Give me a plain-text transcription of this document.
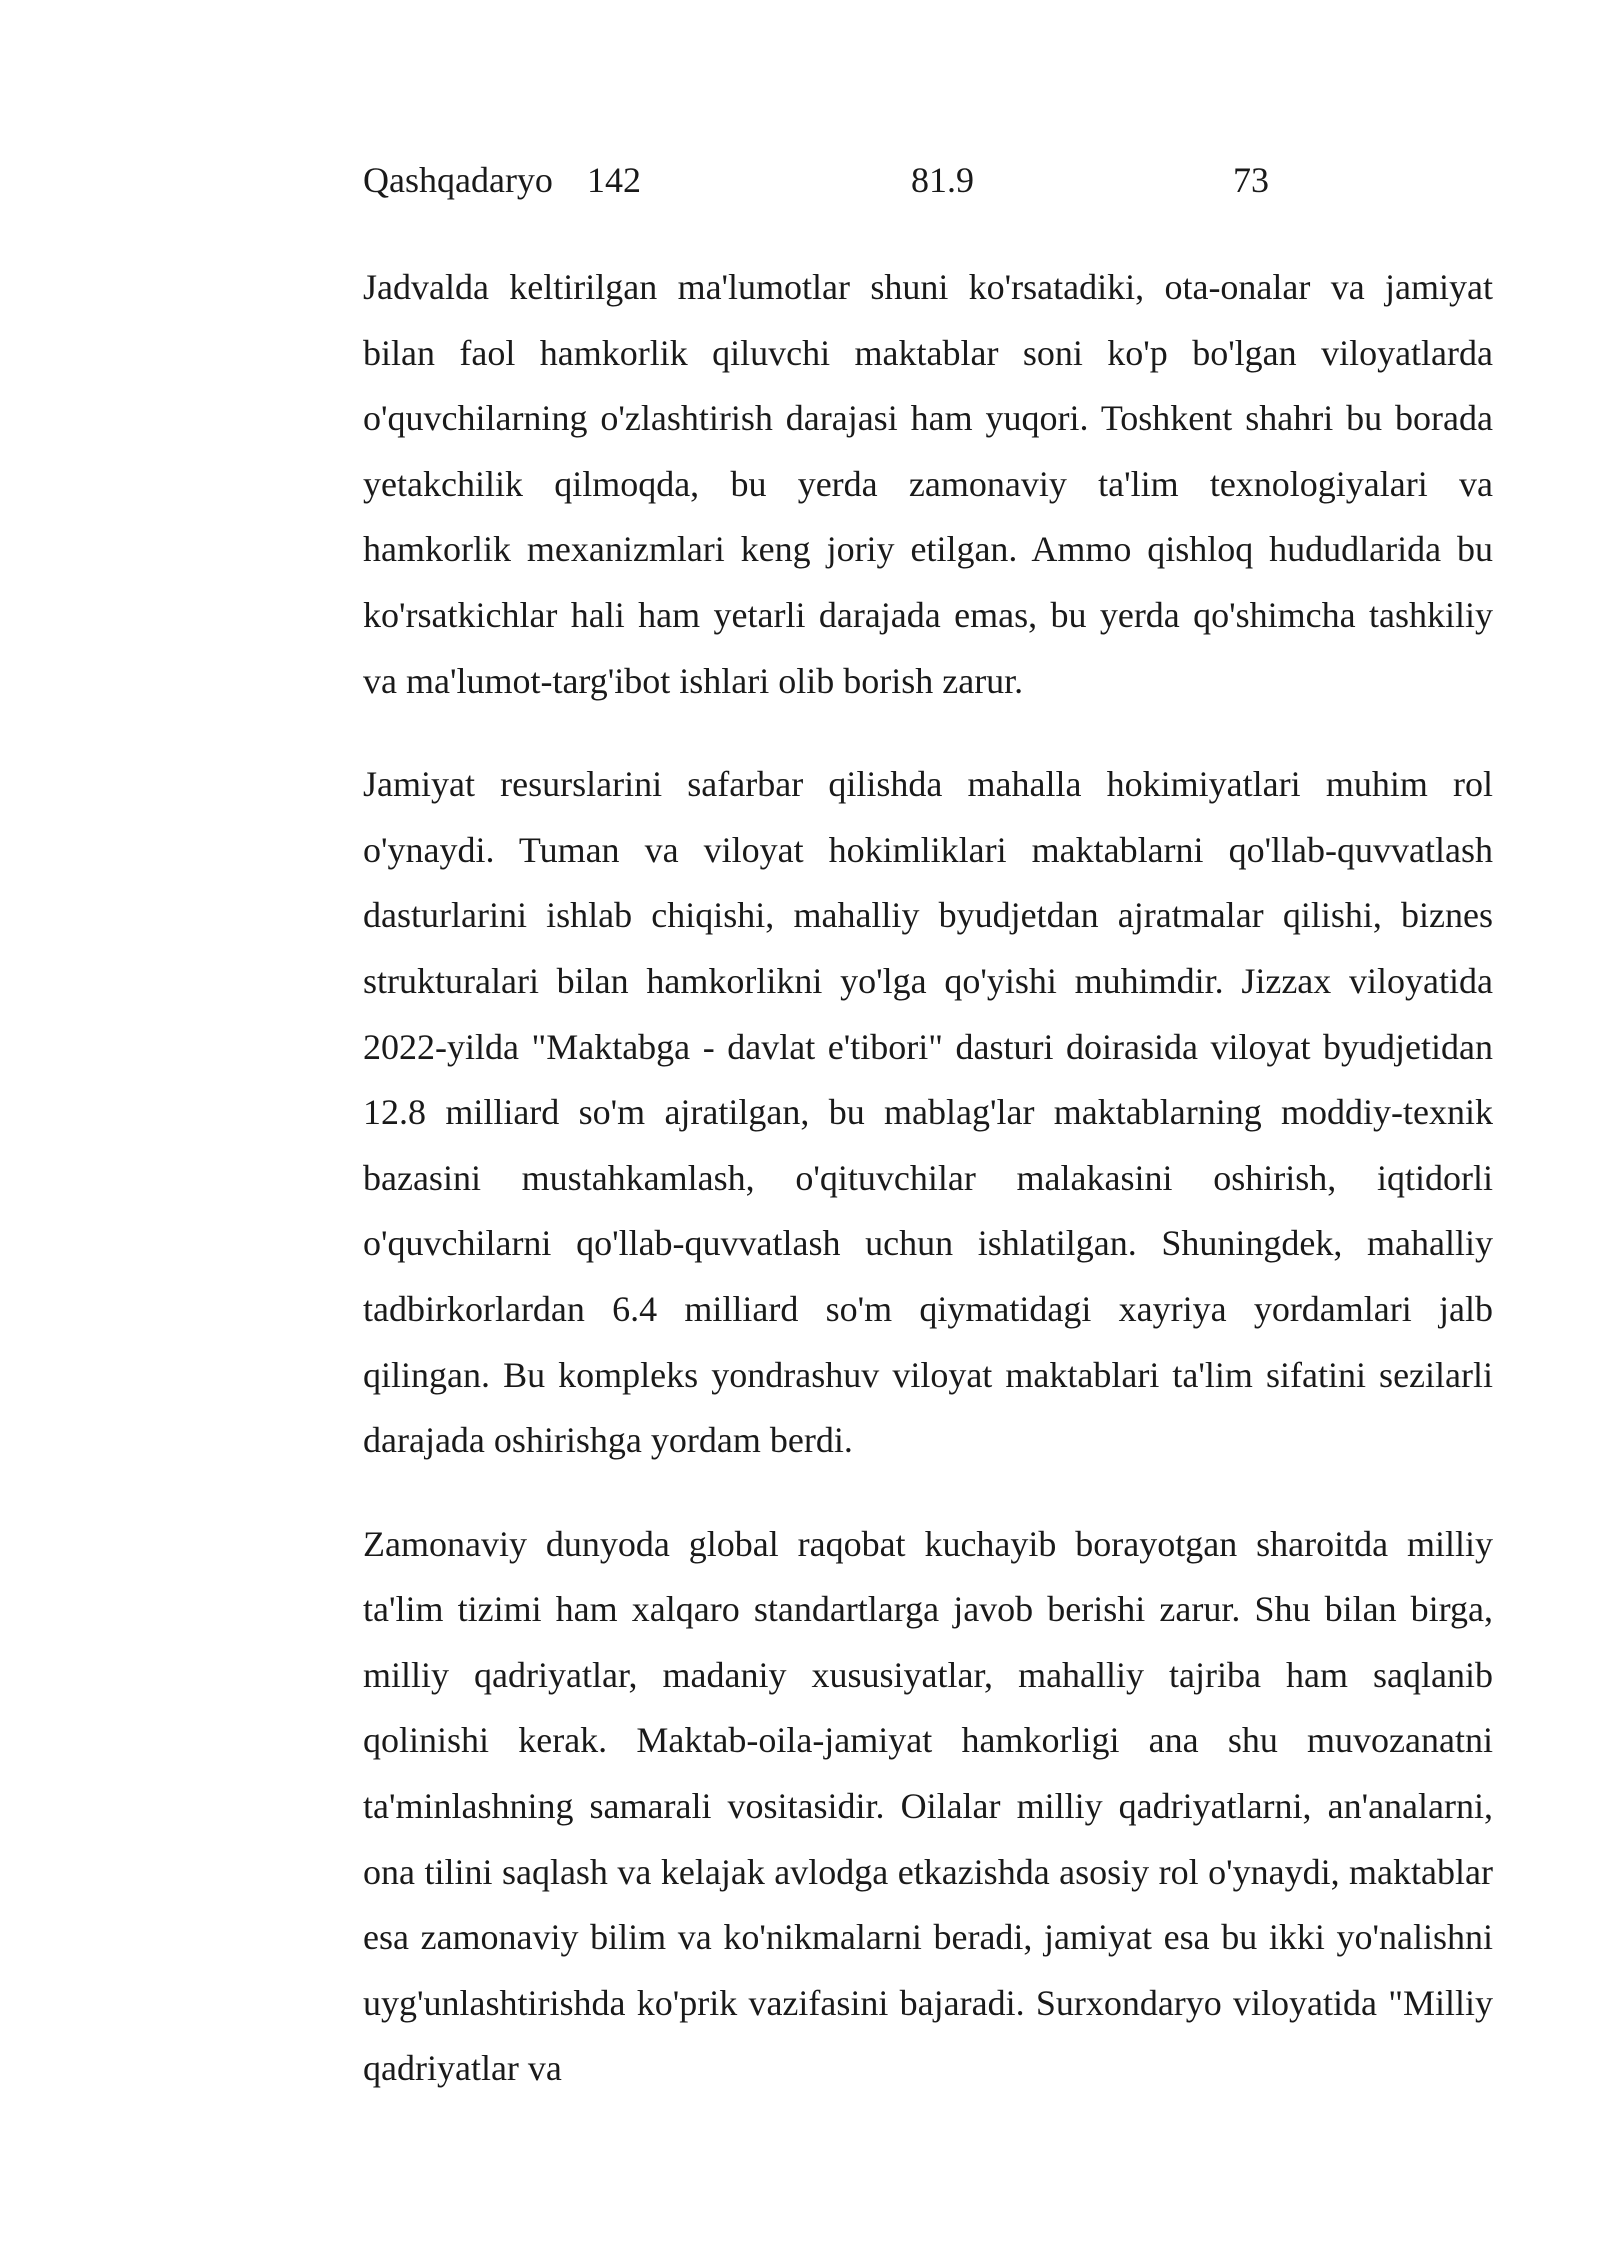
Qashqadaryo 142	81.9	73

Jadvalda keltirilgan ma'lumotlar shuni ko'rsatadiki, ota-onalar va jamiyat bilan faol hamkorlik qiluvchi maktablar soni ko'p bo'lgan viloyatlarda o'quvchilarning o'zlashtirish darajasi ham yuqori. Toshkent shahri bu borada yetakchilik qilmoqda, bu yerda zamonaviy ta'lim texnologiyalari va hamkorlik mexanizmlari keng joriy etilgan. Ammo qishloq hududlarida bu ko'rsatkichlar hali ham yetarli darajada emas, bu yerda qo'shimcha tashkiliy va ma'lumot-targ'ibot ishlari olib borish zarur.

Jamiyat resurslarini safarbar qilishda mahalla hokimiyatlari muhim rol o'ynaydi. Tuman va viloyat hokimliklari maktablarni qo'llab-quvvatlash dasturlarini ishlab chiqishi, mahalliy byudjetdan ajratmalar qilishi, biznes strukturalari bilan hamkorlikni yo'lga qo'yishi muhimdir. Jizzax viloyatida 2022-yilda "Maktabga - davlat e'tibori" dasturi doirasida viloyat byudjetidan 12.8 milliard so'm ajratilgan, bu mablag'lar maktablarning moddiy-texnik bazasini mustahkamlash, o'qituvchilar malakasini oshirish, iqtidorli o'quvchilarni qo'llab-quvvatlash uchun ishlatilgan. Shuningdek, mahalliy tadbirkorlardan 6.4 milliard so'm qiymatidagi xayriya yordamlari jalb qilingan. Bu kompleks yondrashuv viloyat maktablari ta'lim sifatini sezilarli darajada oshirishga yordam berdi.

Zamonaviy dunyoda global raqobat kuchayib borayotgan sharoitda milliy ta'lim tizimi ham xalqaro standartlarga javob berishi zarur. Shu bilan birga, milliy qadriyatlar, madaniy xususiyatlar, mahalliy tajriba ham saqlanib qolinishi kerak. Maktab-oila-jamiyat hamkorligi ana shu muvozanatni ta'minlashning samarali vositasidir. Oilalar milliy qadriyatlarni, an'analarni, ona tilini saqlash va kelajak avlodga etkazishda asosiy rol o'ynaydi, maktablar esa zamonaviy bilim va ko'nikmalarni beradi, jamiyat esa bu ikki yo'nalishni uyg'unlashtirishda ko'prik vazifasini bajaradi. Surxondaryo viloyatida "Milliy qadriyatlar va
